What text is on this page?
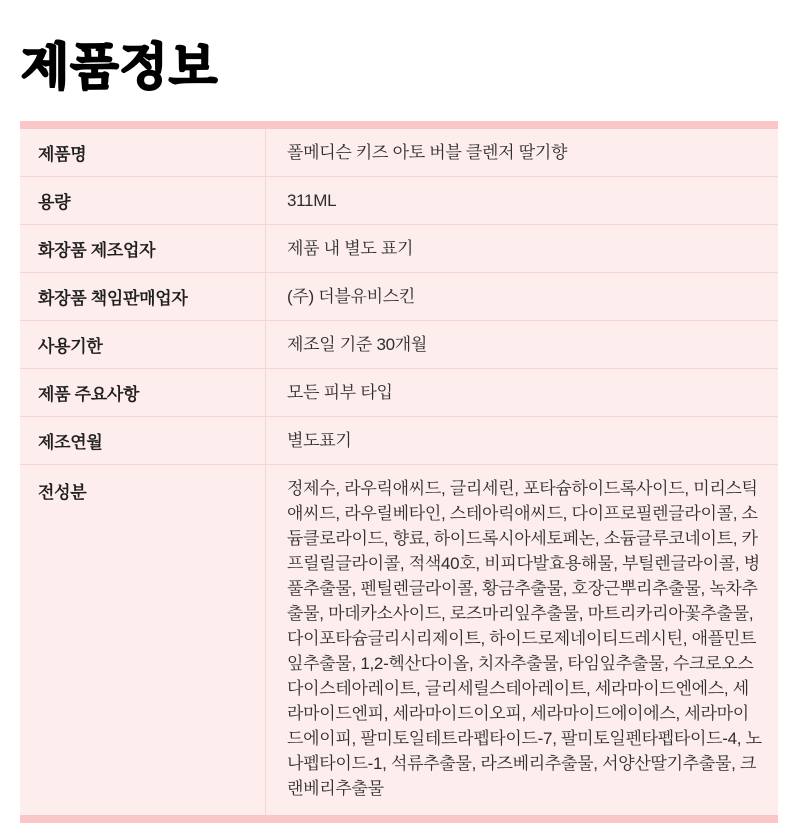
제품정보
제품명	폴메디슨 키즈 아토 버블 클렌저 딸기향
용량	311ML
화장품 제조업자	제품 내 별도 표기
화장품 책임판매업자	(주) 더블유비스킨
사용기한	제조일 기준 30개월
제품 주요사항	모든 피부 타입
제조연월	별도표기
전성분	정제수, 라우릭애씨드, 글리세린, 포타슘하이드록사이드, 미리스틱애씨드, 라우릴베타인, 스테아릭애씨드, 다이프로필렌글라이콜, 소듐클로라이드, 향료, 하이드록시아세토페논, 소듐글루코네이트, 카프릴릴글라이콜, 적색40호, 비피다발효용해물, 부틸렌글라이콜, 병풀추출물, 펜틸렌글라이콜, 황금추출물, 호장근뿌리추출물, 녹차추출물, 마데카소사이드, 로즈마리잎추출물, 마트리카리아꽃추출물, 다이포타슘글리시리제이트, 하이드로제네이티드레시틴, 애플민트잎추출물, 1,2-헥산다이올, 치자추출물, 타임잎추출물, 수크로오스다이스테아레이트, 글리세릴스테아레이트, 세라마이드엔에스, 세라마이드엔피, 세라마이드이오피, 세라마이드에이에스, 세라마이드에이피, 팔미토일테트라펩타이드-7, 팔미토일펜타펩타이드-4, 노나펩타이드-1, 석류추출물, 라즈베리추출물, 서양산딸기추출물, 크랜베리추출물
